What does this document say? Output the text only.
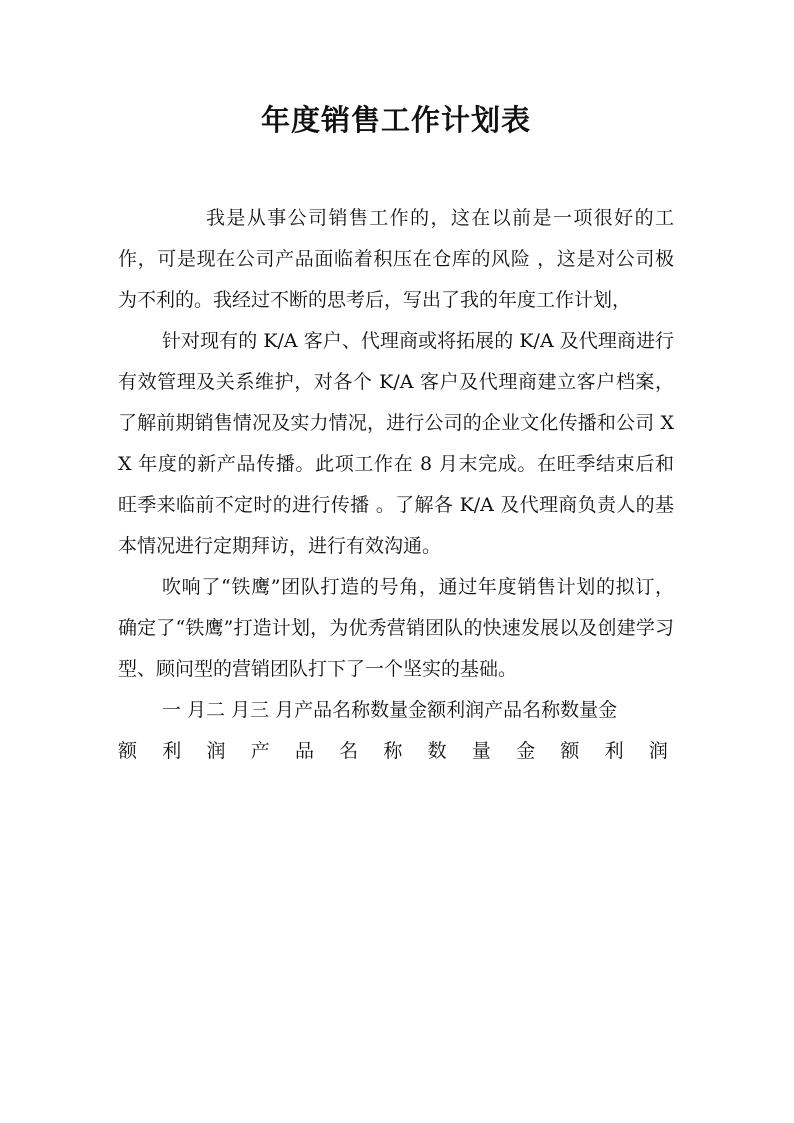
年度销售工作计划表

我是从事公司销售工作的，这在以前是一项很好的工作，可是现在公司产品面临着积压在仓库的风险 ，这是对公司极为不利的。我经过不断的思考后，写出了我的年度工作计划，

针对现有的 K/A 客户、代理商或将拓展的 K/A 及代理商进行有效管理及关系维护，对各个 K/A 客户及代理商建立客户档案，了解前期销售情况及实力情况，进行公司的企业文化传播和公司 XX 年度的新产品传播。此项工作在 8 月末完成。在旺季结束后和旺季来临前不定时的进行传播 。了解各 K/A 及代理商负责人的基本情况进行定期拜访，进行有效沟通。

吹响了“铁鹰”团队打造的号角，通过年度销售计划的拟订，确定了“铁鹰”打造计划，为优秀营销团队的快速发展以及创建学习型、顾问型的营销团队打下了一个坚实的基础。

一 月二 月三 月产品名称数量金额利润产品名称数量金

额 利 润 产 品 名 称 数 量 金 额 利 润
